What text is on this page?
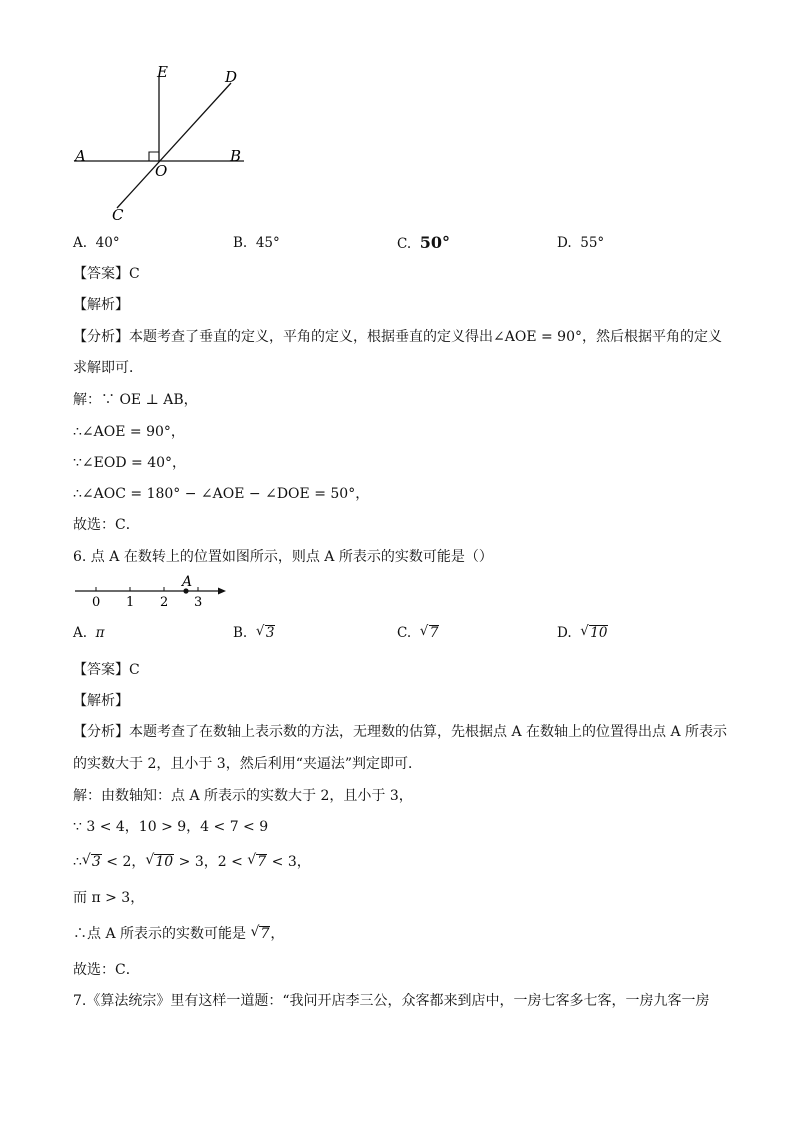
E	D
A	B
O
C
A. 40°	B. 45°	C. 50°	D. 55°
【答案】C
【解析】
【分析】本题考查了垂直的定义，平角的定义，根据垂直的定义得出∠AOE = 90°，然后根据平角的定义
求解即可．
解：∵ OE ⊥ AB，
∴∠AOE = 90°，
∵∠EOD = 40°，
∴∠AOC = 180° − ∠AOE − ∠DOE = 50°，
故选：C．
6. 点 A 在数转上的位置如图所示，则点 A 所表示的实数可能是（）
A
0 1 2 3
A. π	B. √ 3	C. √ 7	D. √ 10
【答案】C
【解析】
【分析】本题考查了在数轴上表示数的方法，无理数的估算，先根据点 A 在数轴上的位置得出点 A 所表示
的实数大于 2，且小于 3，然后利用“夹逼法”判定即可．
解：由数轴知：点 A 所表示的实数大于 2，且小于 3，
∵ 3 < 4，10 > 9，4 < 7 < 9
∴ √ 3 < 2， √ 10 > 3，2 < √ 7 < 3，
而 π > 3，
∴点 A 所表示的实数可能是 √ 7，
故选：C．
7.《算法统宗》里有这样一道题：“我问开店李三公，众客都来到店中，一房七客多七客，一房九客一房
